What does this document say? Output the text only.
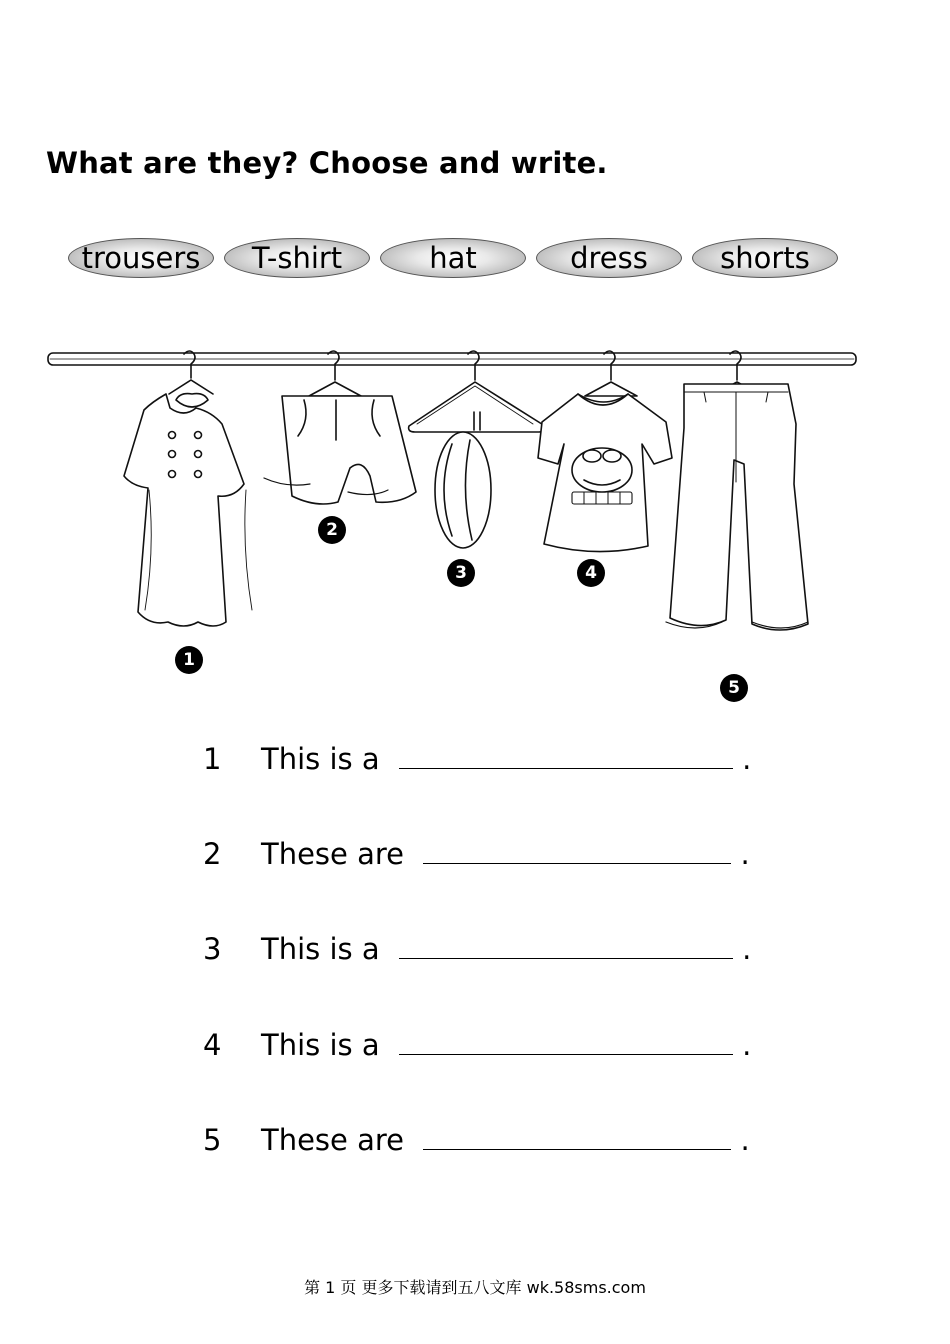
What are they? Choose and write.
trousers	T-shirt	hat	dress	shorts
1
2
3	4
5
1 This is a	.
2 These are	.
3 This is a	.
4 This is a	.
5 These are	.
第 1 页 更多下载请到五八文库 wk.58sms.com
